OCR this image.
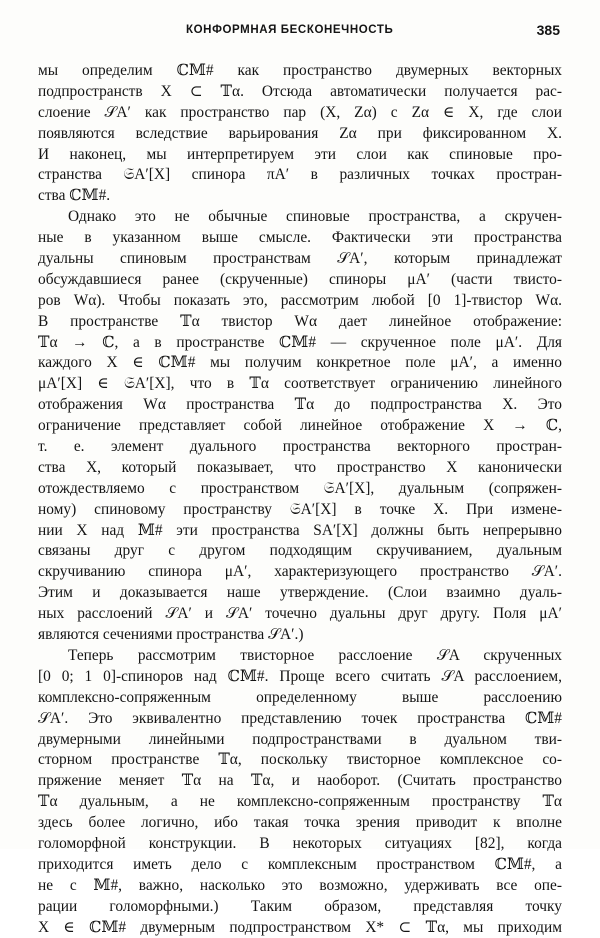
КОНФОРМНАЯ БЕСКОНЕЧНОСТЬ	385
мы определим ℂ𝕄# как пространство двумерных векторных
подпространств X ⊂ 𝕋α. Отсюда автоматически получается рас-
слоение 𝒮A′ как пространство пар (X, Zα) с Zα ∈ X, где слои
появляются вследствие варьирования Zα при фиксированном X.
И наконец, мы интерпретируем эти слои как спиновые про-
странства 𝔖A′[X] спинора πA′ в различных точках простран-
ства ℂ𝕄#.
Однако это не обычные спиновые пространства, а скручен-
ные в указанном выше смысле. Фактически эти пространства
дуальны спиновым пространствам 𝒮A′, которым принадлежат
обсуждавшиеся ранее (скрученные) спиноры μA′ (части твисто-
ров Wα). Чтобы показать это, рассмотрим любой [0 1]-твистор Wα.
В пространстве 𝕋α твистор Wα дает линейное отображение:
𝕋α → ℂ, а в пространстве ℂ𝕄# — скрученное поле μA′. Для
каждого X ∈ ℂ𝕄# мы получим конкретное поле μA′, а именно
μA′[X] ∈ 𝔖A′[X], что в 𝕋α соответствует ограничению линейного
отображения Wα пространства 𝕋α до подпространства X. Это
ограничение представляет собой линейное отображение X → ℂ,
т. е. элемент дуального пространства векторного простран-
ства X, который показывает, что пространство X канонически
отождествляемо с пространством 𝔖A′[X], дуальным (сопряжен-
ному) спиновому пространству 𝔖A′[X] в точке X. При измене-
нии X над 𝕄# эти пространства SA′[X] должны быть непрерывно
связаны друг с другом подходящим скручиванием, дуальным
скручиванию спинора μA′, характеризующего пространство 𝒮A′.
Этим и доказывается наше утверждение. (Слои взаимно дуаль-
ных расслоений 𝒮A′ и 𝒮A′ точечно дуальны друг другу. Поля μA′
являются сечениями пространства 𝒮A′.)
Теперь рассмотрим твисторное расслоение 𝒮A скрученных
[0 0; 1 0]-спиноров над ℂ𝕄#. Проще всего считать 𝒮A расслоением,
комплексно-сопряженным определенному выше расслоению
𝒮A′. Это эквивалентно представлению точек пространства ℂ𝕄#
двумерными линейными подпространствами в дуальном тви-
сторном пространстве 𝕋α, поскольку твисторное комплексное со-
пряжение меняет 𝕋α на 𝕋α, и наоборот. (Считать пространство
𝕋α дуальным, а не комплексно-сопряженным пространству 𝕋α
здесь более логично, ибо такая точка зрения приводит к вполне
голоморфной конструкции. В некоторых ситуациях [82], когда
приходится иметь дело с комплексным пространством ℂ𝕄#, а
не с 𝕄#, важно, насколько это возможно, удерживать все опе-
рации голоморфными.) Таким образом, представляя точку
X ∈ ℂ𝕄# двумерным подпространством X* ⊂ 𝕋α, мы приходим
